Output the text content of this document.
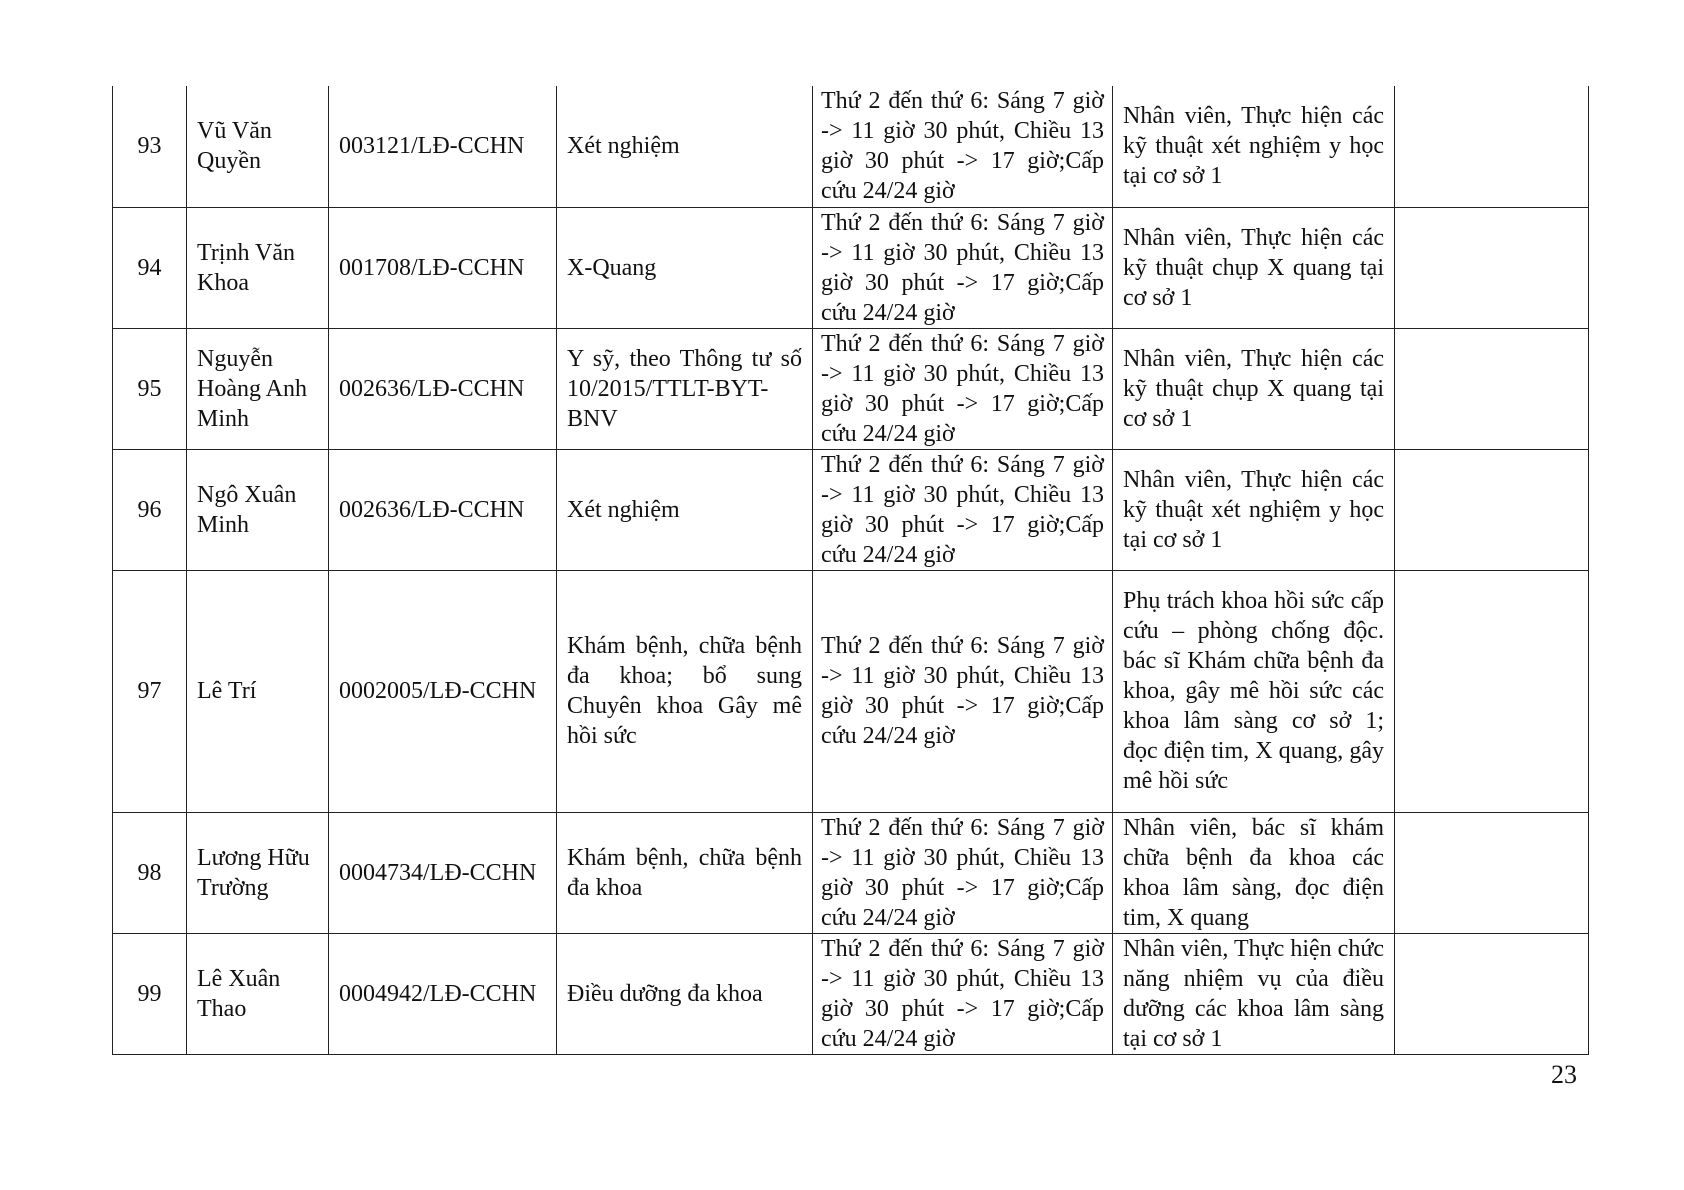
93	Vũ Văn Quyền	003121/LĐ-CCHN	Xét nghiệm	Thứ 2 đến thứ 6: Sáng 7 giờ -> 11 giờ 30 phút, Chiều 13 giờ 30 phút -> 17 giờ;Cấp cứu 24/24 giờ	Nhân viên, Thực hiện các kỹ thuật xét nghiệm y học tại cơ sở 1	
94	Trịnh Văn Khoa	001708/LĐ-CCHN	X-Quang	Thứ 2 đến thứ 6: Sáng 7 giờ -> 11 giờ 30 phút, Chiều 13 giờ 30 phút -> 17 giờ;Cấp cứu 24/24 giờ	Nhân viên, Thực hiện các kỹ thuật chụp X quang tại cơ sở 1	
95	Nguyễn Hoàng Anh Minh	002636/LĐ-CCHN	Y sỹ, theo Thông tư số 10/2015/TTLT-BYT-BNV	Thứ 2 đến thứ 6: Sáng 7 giờ -> 11 giờ 30 phút, Chiều 13 giờ 30 phút -> 17 giờ;Cấp cứu 24/24 giờ	Nhân viên, Thực hiện các kỹ thuật chụp X quang tại cơ sở 1	
96	Ngô Xuân Minh	002636/LĐ-CCHN	Xét nghiệm	Thứ 2 đến thứ 6: Sáng 7 giờ -> 11 giờ 30 phút, Chiều 13 giờ 30 phút -> 17 giờ;Cấp cứu 24/24 giờ	Nhân viên, Thực hiện các kỹ thuật xét nghiệm y học tại cơ sở 1	
97	Lê Trí	0002005/LĐ-CCHN	Khám bệnh, chữa bệnh đa khoa; bổ sung Chuyên khoa Gây mê hồi sức	Thứ 2 đến thứ 6: Sáng 7 giờ -> 11 giờ 30 phút, Chiều 13 giờ 30 phút -> 17 giờ;Cấp cứu 24/24 giờ	Phụ trách khoa hồi sức cấp cứu – phòng chống độc. bác sĩ Khám chữa bệnh đa khoa, gây mê hồi sức các khoa lâm sàng cơ sở 1; đọc điện tim, X quang, gây mê hồi sức	
98	Lương Hữu Trường	0004734/LĐ-CCHN	Khám bệnh, chữa bệnh đa khoa	Thứ 2 đến thứ 6: Sáng 7 giờ -> 11 giờ 30 phút, Chiều 13 giờ 30 phút -> 17 giờ;Cấp cứu 24/24 giờ	Nhân viên, bác sĩ khám chữa bệnh đa khoa các khoa lâm sàng, đọc điện tim, X quang	
99	Lê Xuân Thao	0004942/LĐ-CCHN	Điều dưỡng đa khoa	Thứ 2 đến thứ 6: Sáng 7 giờ -> 11 giờ 30 phút, Chiều 13 giờ 30 phút -> 17 giờ;Cấp cứu 24/24 giờ	Nhân viên, Thực hiện chức năng nhiệm vụ của điều dưỡng các khoa lâm sàng tại cơ sở 1	
23
